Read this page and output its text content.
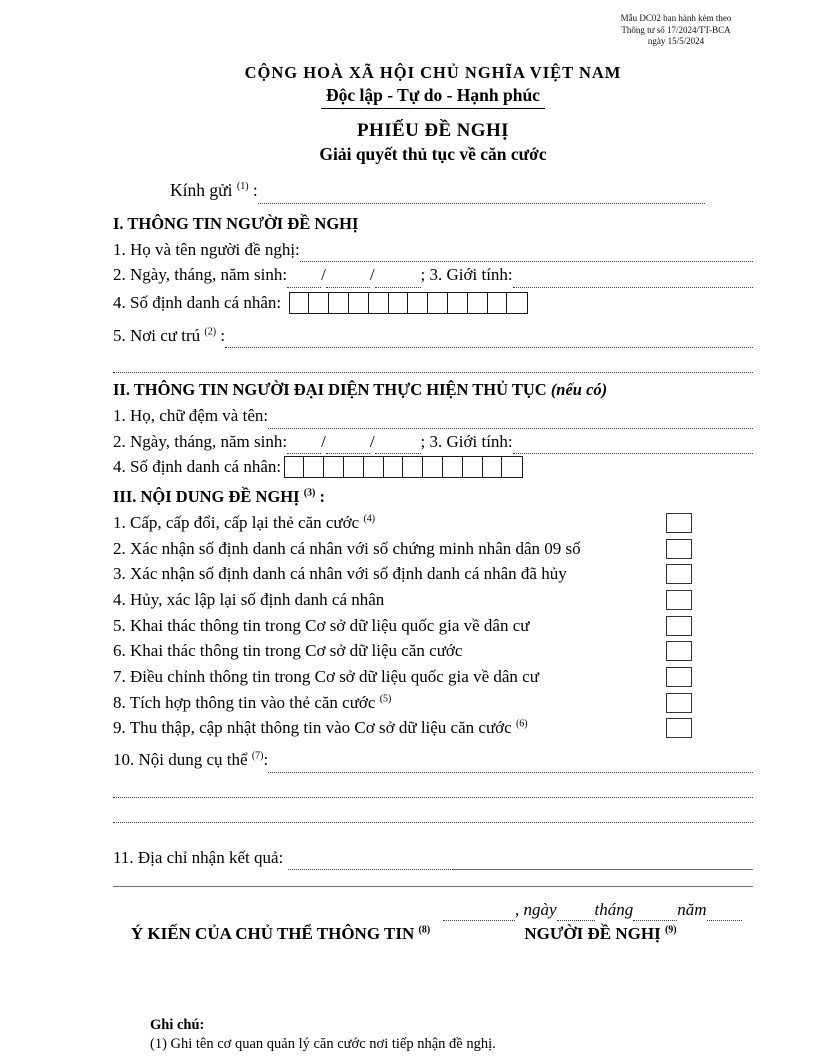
Mẫu DC02 ban hành kèm theo
Thông tư số 17/2024/TT-BCA
ngày 15/5/2024
CỘNG HOÀ XÃ HỘI CHỦ NGHĨA VIỆT NAM
Độc lập - Tự do - Hạnh phúc
PHIẾU ĐỀ NGHỊ
Giải quyết thủ tục về căn cước
Kính gửi $^{(1)}$ :
I. THÔNG TIN NGƯỜI ĐỀ NGHỊ
1. Họ và tên người đề nghị:
2. Ngày, tháng, năm sinh: /	/	; 3. Giới tính:
4. Số định danh cá nhân:
5. Nơi cư trú $^{(2)}$ :
II. THÔNG TIN NGƯỜI ĐẠI DIỆN THỰC HIỆN THỦ TỤC (nếu có)
1. Họ, chữ đệm và tên:
2. Ngày, tháng, năm sinh: /	/	; 3. Giới tính:
4. Số định danh cá nhân:
III. NỘI DUNG ĐỀ NGHỊ $^{(3)}$ :
1. Cấp, cấp đổi, cấp lại thẻ căn cước $^{(4)}$
2. Xác nhận số định danh cá nhân với số chứng minh nhân dân 09 số
3. Xác nhận số định danh cá nhân với số định danh cá nhân đã hủy
4. Hủy, xác lập lại số định danh cá nhân
5. Khai thác thông tin trong Cơ sở dữ liệu quốc gia về dân cư
6. Khai thác thông tin trong Cơ sở dữ liệu căn cước
7. Điều chỉnh thông tin trong Cơ sở dữ liệu quốc gia về dân cư
8. Tích hợp thông tin vào thẻ căn cước $^{(5)}$
9. Thu thập, cập nhật thông tin vào Cơ sở dữ liệu căn cước $^{(6)}$
10. Nội dung cụ thể $^{(7)}$:
11. Địa chỉ nhận kết quả:
, ngày tháng	năm
Ý KIẾN CỦA CHỦ THỂ THÔNG TIN $^{(8)}$	NGƯỜI ĐỀ NGHỊ $^{(9)}$
Ghi chú:
(1) Ghi tên cơ quan quản lý căn cước nơi tiếp nhận đề nghị.
